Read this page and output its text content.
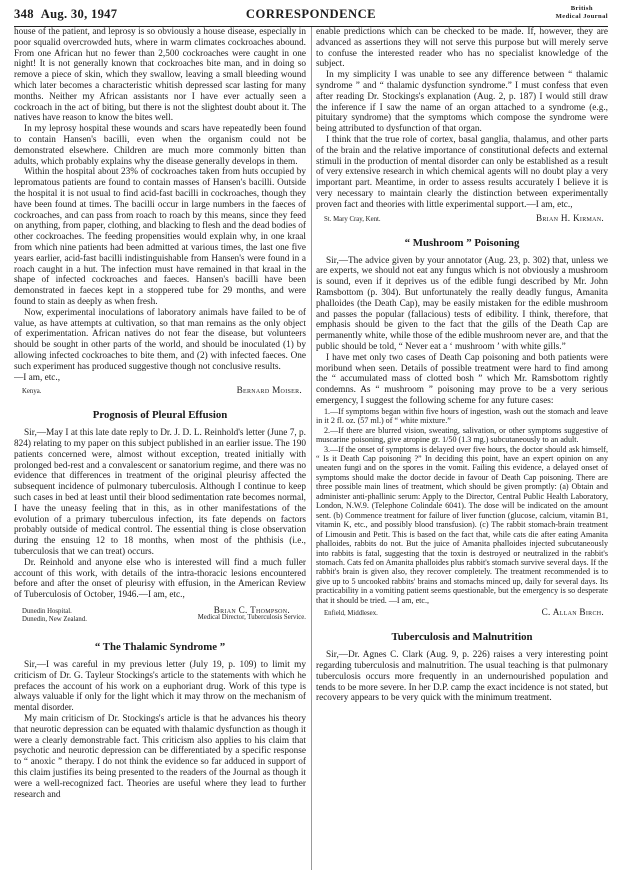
348 Aug. 30, 1947	CORRESPONDENCE	British
Medical Journal

house of the patient, and leprosy is so obviously a house disease, especially in poor squalid overcrowded huts, where in warm climates cockroaches abound. From one African hut no fewer than 2,500 cockroaches were caught in one night! It is not generally known that cockroaches bite man, and in doing so remove a piece of skin, which they swallow, leaving a small bleeding wound which later becomes a characteristic whitish depressed scar lasting for many months. Neither my African assistants nor I have ever actually seen a cockroach in the act of biting, but there is not the slightest doubt about it. The natives have reason to know the bites well.

In my leprosy hospital these wounds and scars have repeatedly been found to contain Hansen's bacilli, even when the organism could not be demonstrated elsewhere. Children are much more commonly bitten than adults, which probably explains why the disease generally develops in them.

Within the hospital about 23% of cockroaches taken from huts occupied by lepromatous patients are found to contain masses of Hansen's bacilli. Outside the hospital it is not usual to find acid-fast bacilli in cockroaches, though they have been found at times. The bacilli occur in large numbers in the faeces of cockroaches, and can pass from roach to roach by this means, since they feed on anything, from paper, clothing, and blacking to flesh and the dead bodies of other cockroaches. The feeding propensities would explain why, in one kraal from which nine patients had been admitted at various times, the last one five years earlier, acid-fast bacilli indistinguishable from Hansen's were found in a roach caught in a hut. The infection must have remained in that kraal in the shape of infected cockroaches and faeces. Hansen's bacilli have been demonstrated in faeces kept in a stoppered tube for 29 months, and were found to stain as deeply as when fresh.

Now, experimental inoculations of laboratory animals have failed to be of value, as have attempts at cultivation, so that man remains as the only object of experimentation. African natives do not fear the disease, but volunteers should be sought in other parts of the world, and should be inoculated (1) by allowing infected cockroaches to bite them, and (2) with infected faeces. One such experiment has produced suggestive though not conclusive results.

—I am, etc.,

Kenya.	Bernard Moiser.
Prognosis of Pleural Effusion

Sir,—May I at this late date reply to Dr. J. D. L. Reinhold's letter (June 7, p. 824) relating to my paper on this subject published in an earlier issue. The 190 patients concerned were, almost without exception, treated initially with prolonged bed-rest and a convalescent or sanatorium regime, and there was no evidence that differences in treatment of the original pleurisy affected the subsequent incidence of pulmonary tuberculosis. Although I continue to keep such cases in bed at least until their blood sedimentation rate becomes normal, I have the uneasy feeling that in this, as in other manifestations of the evolution of a primary tuberculous infection, its fate depends on factors probably outside of medical control. The essential thing is close observation during the ensuing 12 to 18 months, when most of the phthisis (i.e., tuberculosis that we can treat) occurs.

Dr. Reinhold and anyone else who is interested will find a much fuller account of this work, with details of the intra-thoracic lesions encountered before and after the onset of pleurisy with effusion, in the American Review of Tuberculosis of October, 1946.—I am, etc.,

Dunedin Hospital.
Dunedin, New Zealand.
Brian C. Thompson.
Medical Director, Tuberculosis Service.
“ The Thalamic Syndrome ”

Sir,—I was careful in my previous letter (July 19, p. 109) to limit my criticism of Dr. G. Tayleur Stockings's article to the statements with which he prefaces the account of his work on a euphoriant drug. Work of this type is always valuable if only for the light which it may throw on the mechanism of mental disorder.

My main criticism of Dr. Stockings's article is that he advances his theory that neurotic depression can be equated with thalamic dysfunction as though it were a clearly demonstrable fact. This criticism also applies to his claim that psychotic and neurotic depression can be differentiated by a specific response to “ anoxic ” therapy. I do not think the evidence so far adduced in support of this claim justifies its being presented to the readers of the Journal as though it were a well-recognized fact. Theories are useful where they lead to further research and

enable predictions which can be checked to be made. If, however, they are advanced as assertions they will not serve this purpose but will merely serve to confuse the interested reader who has no specialist knowledge of the subject.

In my simplicity I was unable to see any difference between “ thalamic syndrome ” and “ thalamic dysfunction syndrome.” I must confess that even after reading Dr. Stockings's explanation (Aug. 2, p. 187) I would still draw the inference if I saw the name of an organ attached to a syndrome (e.g., pituitary syndrome) that the symptoms which compose the syndrome were being attributed to dysfunction of that organ.

I think that the true role of cortex, basal ganglia, thalamus, and other parts of the brain and the relative importance of constitutional defects and external stimuli in the production of mental disorder can only be established as a result of very extensive research in which chemical agents will no doubt play a very important part. Meantime, in order to assess results accurately I believe it is very necessary to maintain clearly the distinction between experimentally proven fact and theories with little experimental support.—I am, etc.,

St. Mary Cray, Kent.	Brian H. Kirman.
“ Mushroom ” Poisoning

Sir,—The advice given by your annotator (Aug. 23, p. 302) that, unless we are experts, we should not eat any fungus which is not obviously a mushroom is sound, even if it deprives us of the edible fungi described by Mr. John Ramsbottom (p. 304). But unfortunately the really deadly fungus, Amanita phalloides (the Death Cap), may be easily mistaken for the edible mushroom and passes the popular (fallacious) tests of edibility. I think, therefore, that emphasis should be given to the fact that the gills of the Death Cap are permanently white, while those of the edible mushroom never are, and that the public should be told, “ Never eat a ‘ mushroom ’ with white gills.”

I have met only two cases of Death Cap poisoning and both patients were moribund when seen. Details of possible treatment were hard to find among the “ accumulated mass of clotted bosh ” which Mr. Ramsbottom rightly condemns. As “ mushroom ” poisoning may prove to be a very serious emergency, I suggest the following scheme for any future cases:

1.—If symptoms began within five hours of ingestion, wash out the stomach and leave in it 2 fl. oz. (57 ml.) of “ white mixture.”

2.—If there are blurred vision, sweating, salivation, or other symptoms suggestive of muscarine poisoning, give atropine gr. 1/50 (1.3 mg.) subcutaneously to an adult.

3.—If the onset of symptoms is delayed over five hours, the doctor should ask himself, “ Is it Death Cap poisoning ?” In deciding this point, have an expert opinion on any uneaten fungi and on the spores in the vomit. Failing this evidence, a delayed onset of symptoms should make the doctor decide in favour of Death Cap poisoning. There are three possible main lines of treatment, which should be given promptly: (a) Obtain and administer anti-phallinic serum: Apply to the Director, Central Public Health Laboratory, London, N.W.9. (Telephone Colindale 6041). The dose will be indicated on the amount sent. (b) Commence treatment for failure of liver function (glucose, calcium, vitamin B1, vitamin K, etc., and possibly blood transfusion). (c) The rabbit stomach-brain treatment of Limousin and Petit. This is based on the fact that, while cats die after eating Amanita phalloides, rabbits do not. But the juice of Amanita phalloides injected subcutaneously into rabbits is fatal, suggesting that the toxin is destroyed or neutralized in the rabbit's stomach. Cats fed on Amanita phalloides plus rabbit's stomach survive several days. If the rabbit's brain is given also, they recover completely. The treatment recommended is to give up to 5 uncooked rabbits' brains and stomachs minced up, daily for several days. Its practicability in a vomiting patient seems questionable, but the emergency is so desperate that it should be tried. —I am, etc.,

Enfield, Middlesex.	C. Allan Birch.
Tuberculosis and Malnutrition

Sir,—Dr. Agnes C. Clark (Aug. 9, p. 226) raises a very interesting point regarding tuberculosis and malnutrition. The usual teaching is that pulmonary tuberculosis occurs more frequently in an undernourished population and tends to be more severe. In her D.P. camp the exact incidence is not stated, but recovery appears to be very quick with the minimum treatment.
